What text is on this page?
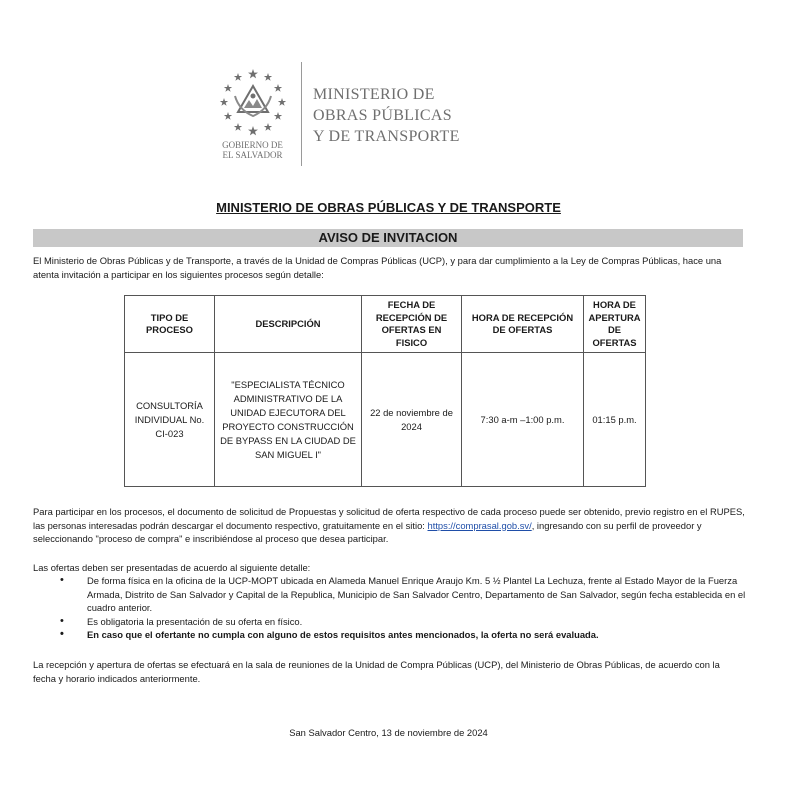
GOBIERNO DE
EL SALVADOR
MINISTERIO DE
OBRAS PÚBLICAS
Y DE TRANSPORTE
MINISTERIO DE OBRAS PÚBLICAS Y DE TRANSPORTE
AVISO DE INVITACION
El Ministerio de Obras Públicas y de Transporte, a través de la Unidad de Compras Públicas (UCP), y para dar cumplimiento a la Ley de Compras Públicas, hace una atenta invitación a participar en los siguientes procesos según detalle:
TIPO DE PROCESO	DESCRIPCIÓN	FECHA DE RECEPCIÓN DE OFERTAS EN FISICO	HORA DE RECEPCIÓN DE OFERTAS	HORA DE APERTURA DE OFERTAS
CONSULTORÍA INDIVIDUAL No. CI-023	"ESPECIALISTA TÉCNICO ADMINISTRATIVO DE LA UNIDAD EJECUTORA DEL PROYECTO CONSTRUCCIÓN DE BYPASS EN LA CIUDAD DE SAN MIGUEL I"	22 de noviembre de 2024	7:30 a-m –1:00 p.m.	01:15 p.m.
Para participar en los procesos, el documento de solicitud de Propuestas y solicitud de oferta respectivo de cada proceso puede ser obtenido, previo registro en el RUPES, las personas interesadas podrán descargar el documento respectivo, gratuitamente en el sitio: https://comprasal.gob.sv/, ingresando con su perfil de proveedor y seleccionando "proceso de compra" e inscribiéndose al proceso que desea participar.
Las ofertas deben ser presentadas de acuerdo al siguiente detalle:
• De forma física en la oficina de la UCP-MOPT ubicada en Alameda Manuel Enrique Araujo Km. 5 ½ Plantel La Lechuza, frente al Estado Mayor de la Fuerza Armada, Distrito de San Salvador y Capital de la Republica, Municipio de San Salvador Centro, Departamento de San Salvador, según fecha establecida en el cuadro anterior.
• Es obligatoria la presentación de su oferta en físico.
• En caso que el ofertante no cumpla con alguno de estos requisitos antes mencionados, la oferta no será evaluada.
La recepción y apertura de ofertas se efectuará en la sala de reuniones de la Unidad de Compra Públicas (UCP), del Ministerio de Obras Públicas, de acuerdo con la fecha y horario indicados anteriormente.
San Salvador Centro, 13 de noviembre de 2024
